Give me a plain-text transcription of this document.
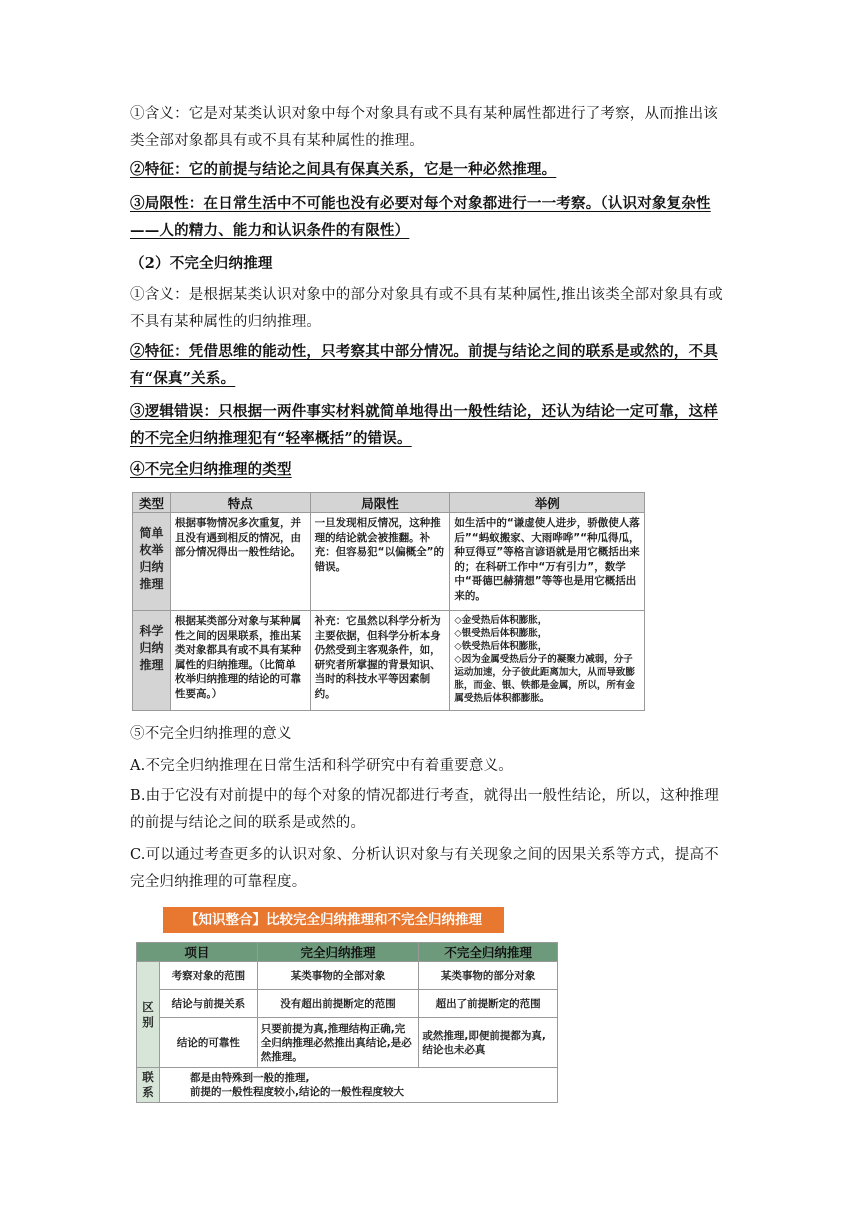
①含义：它是对某类认识对象中每个对象具有或不具有某种属性都进行了考察，从而推出该类全部对象都具有或不具有某种属性的推理。
②特征：它的前提与结论之间具有保真关系，它是一种必然推理。
③局限性：在日常生活中不可能也没有必要对每个对象都进行一一考察。（认识对象复杂性——人的精力、能力和认识条件的有限性）
（2）不完全归纳推理
①含义：是根据某类认识对象中的部分对象具有或不具有某种属性,推出该类全部对象具有或不具有某种属性的归纳推理。
②特征：凭借思维的能动性，只考察其中部分情况。前提与结论之间的联系是或然的，不具有“保真”关系。
③逻辑错误：只根据一两件事实材料就简单地得出一般性结论，还认为结论一定可靠，这样的不完全归纳推理犯有“轻率概括”的错误。
④不完全归纳推理的类型
类型	特点	局限性	举例
简单枚举归纳推理	根据事物情况多次重复，并且没有遇到相反的情况，由部分情况得出一般性结论。	一旦发现相反情况，这种推理的结论就会被推翻。补充：但容易犯“以偏概全”的错误。	如生活中的“谦虚使人进步，骄傲使人落后”“蚂蚁搬家、大雨哗哗”“种瓜得瓜，种豆得豆”等格言谚语就是用它概括出来的；在科研工作中“万有引力”，数学中“哥德巴赫猜想”等等也是用它概括出来的。
科学归纳推理	根据某类部分对象与某种属性之间的因果联系，推出某类对象都具有或不具有某种属性的归纳推理。（比简单枚举归纳推理的结论的可靠性要高。）	补充：它虽然以科学分析为主要依据，但科学分析本身仍然受到主客观条件，如，研究者所掌握的背景知识、当时的科技水平等因素制约。	◇金受热后体积膨胀，
◇银受热后体积膨胀，
◇铁受热后体积膨胀，
◇因为金属受热后分子的凝聚力减弱，分子运动加速，分子彼此距离加大，从而导致膨胀，而金、银、铁都是金属，所以，所有金属受热后体积都膨胀。
⑤不完全归纳推理的意义
A.不完全归纳推理在日常生活和科学研究中有着重要意义。
B.由于它没有对前提中的每个对象的情况都进行考查，就得出一般性结论，所以，这种推理的前提与结论之间的联系是或然的。
C.可以通过考查更多的认识对象、分析认识对象与有关现象之间的因果关系等方式，提高不完全归纳推理的可靠程度。
【知识整合】比较完全归纳推理和不完全归纳推理
项目		完全归纳推理	不完全归纳推理
区别	考察对象的范围	某类事物的全部对象	某类事物的部分对象
	结论与前提关系	没有超出前提断定的范围	超出了前提断定的范围
	结论的可靠性	只要前提为真,推理结构正确,完全归纳推理必然推出真结论,是必然推理。	或然推理,即便前提都为真,结论也未必真
联系	都是由特殊到一般的推理,
前提的一般性程度较小,结论的一般性程度较大		
